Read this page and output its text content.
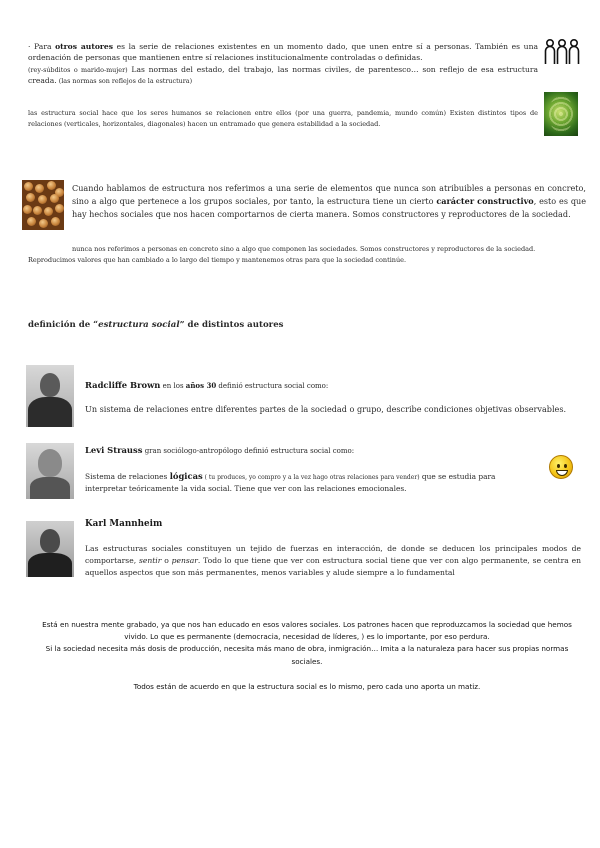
· Para otros autores es la serie de relaciones existentes en un momento dado, que unen entre sí a personas. También es una ordenación de personas que mantienen entre sí relaciones institucionalmente controladas o definidas.
(rey-súbditos o marido-mujer) Las normas del estado, del trabajo, las normas civiles, de parentesco… son reflejo de esa estructura creada. (las normas son reflejos de la estructura)
las estructura social hace que los seres humanos se relacionen entre ellos (por una guerra, pandemia, mundo común) Existen distintos tipos de relaciones (verticales, horizontales, diagonales) hacen un entramado que genera estabilidad a la sociedad.
Cuando hablamos de estructura nos referimos a una serie de elementos que nunca son atribuibles a personas en concreto, sino a algo que pertenece a los grupos sociales, por tanto, la estructura tiene un cierto carácter constructivo, esto es que hay hechos sociales que nos hacen comportarnos de cierta manera. Somos constructores y reproductores de la sociedad.
nunca nos referimos a personas en concreto sino a algo que componen las sociedades. Somos constructores y reproductores de la sociedad. Reproducimos valores que han cambiado a lo largo del tiempo y mantenemos otras para que la sociedad continúe.
definición de “estructura social” de distintos autores
Radcliffe Brown en los años 30 definió estructura social como:
Un sistema de relaciones entre diferentes partes de la sociedad o grupo, describe condiciones objetivas observables.
Levi Strauss gran sociólogo-antropólogo definió estructura social como:
Sistema de relaciones lógicas ( tu produces, yo compro y a la vez hago otras relaciones para vender) que se estudia para interpretar teóricamente la vida social. Tiene que ver con las relaciones emocionales.
Karl Mannheim
Las estructuras sociales constituyen un tejido de fuerzas en interacción, de donde se deducen los principales modos de comportarse, sentir o pensar. Todo lo que tiene que ver con estructura social tiene que ver con algo permanente, se centra en aquellos aspectos que son más permanentes, menos variables y alude siempre a lo fundamental
Está en nuestra mente grabado, ya que nos han educado en esos valores sociales. Los patrones hacen que reproduzcamos la sociedad que hemos vivido. Lo que es permanente (democracia, necesidad de líderes, ) es lo importante, por eso perdura.
Si la sociedad necesita más dosis de producción, necesita más mano de obra, inmigración… Imita a la naturaleza para hacer sus propias normas sociales.
Todos están de acuerdo en que la estructura social es lo mismo, pero cada uno aporta un matiz.
